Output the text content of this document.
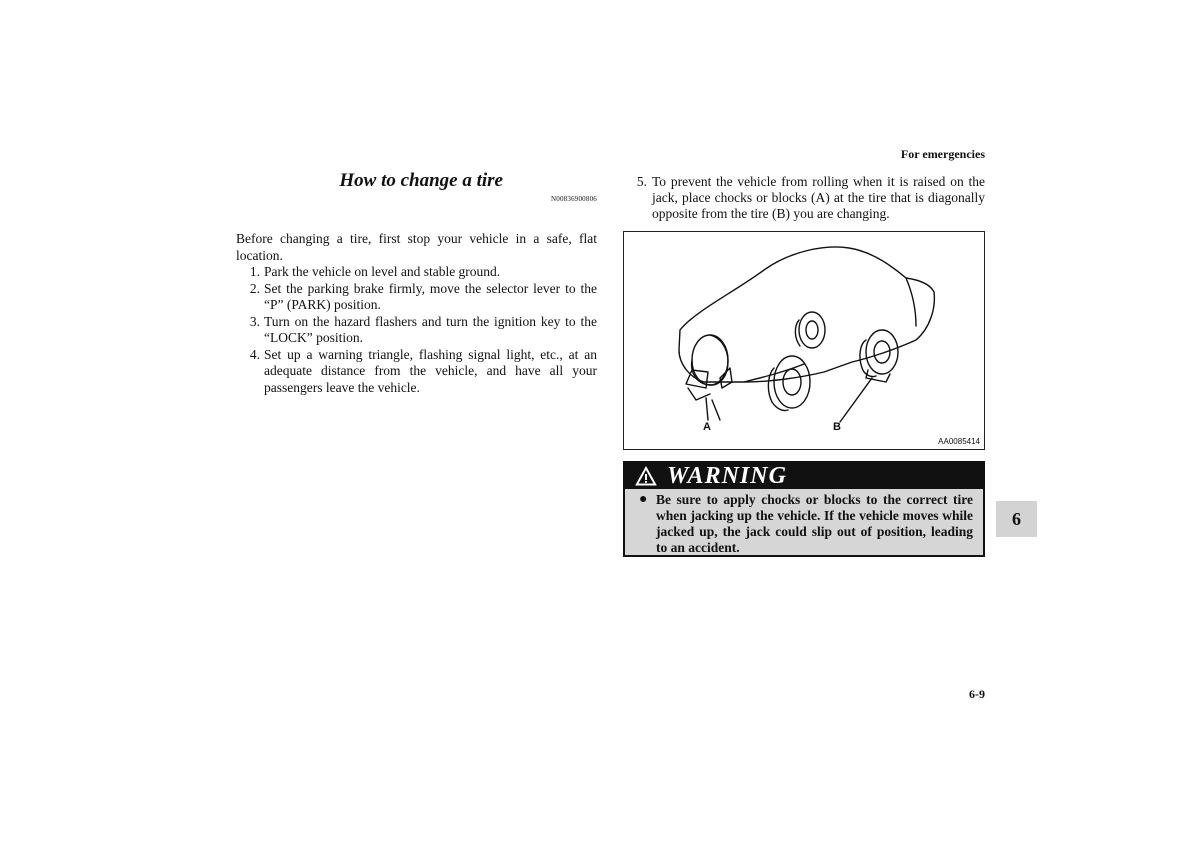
For emergencies
How to change a tire
N00836900806
Before changing a tire, first stop your vehicle in a safe, flat location.
1. Park the vehicle on level and stable ground.
2. Set the parking brake firmly, move the selector lever to the “P” (PARK) position.
3. Turn on the hazard flashers and turn the ignition key to the “LOCK” position.
4. Set up a warning triangle, flashing signal light, etc., at an adequate distance from the vehicle, and have all your passengers leave the vehicle.
5. To prevent the vehicle from rolling when it is raised on the jack, place chocks or blocks (A) at the tire that is diagonally opposite from the tire (B) you are changing.
A	B
AA0085414
WARNING
● Be sure to apply chocks or blocks to the correct tire when jacking up the vehicle. If the vehicle moves while jacked up, the jack could slip out of position, leading to an accident.
6
6-9
